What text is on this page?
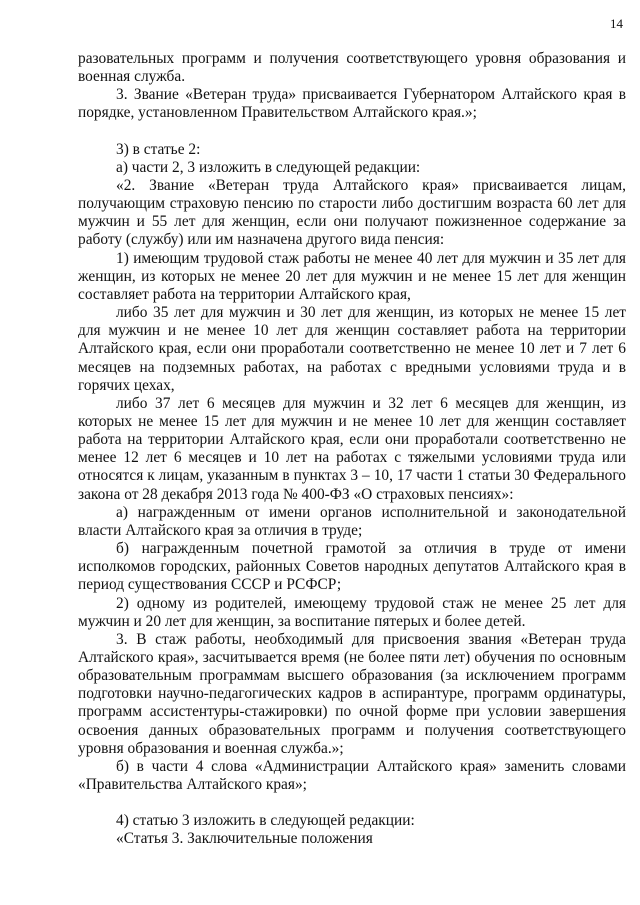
14

разовательных программ и получения соответствующего уровня образования и военная служба.

3. Звание «Ветеран труда» присваивается Губернатором Алтайского края в порядке, установленном Правительством Алтайского края.»;

3) в статье 2:

а) части 2, 3 изложить в следующей редакции:

«2. Звание «Ветеран труда Алтайского края» присваивается лицам, получающим страховую пенсию по старости либо достигшим возраста 60 лет для мужчин и 55 лет для женщин, если они получают пожизненное содержание за работу (службу) или им назначена другого вида пенсия:

1) имеющим трудовой стаж работы не менее 40 лет для мужчин и 35 лет для женщин, из которых не менее 20 лет для мужчин и не менее 15 лет для женщин составляет работа на территории Алтайского края,

либо 35 лет для мужчин и 30 лет для женщин, из которых не менее 15 лет для мужчин и не менее 10 лет для женщин составляет работа на территории Алтайского края, если они проработали соответственно не менее 10 лет и 7 лет 6 месяцев на подземных работах, на работах с вредными условиями труда и в горячих цехах,

либо 37 лет 6 месяцев для мужчин и 32 лет 6 месяцев для женщин, из которых не менее 15 лет для мужчин и не менее 10 лет для женщин составляет работа на территории Алтайского края, если они проработали соответственно не менее 12 лет 6 месяцев и 10 лет на работах с тяжелыми условиями труда или относятся к лицам, указанным в пунктах 3 – 10, 17 части 1 статьи 30 Федерального закона от 28 декабря 2013 года № 400-ФЗ «О страховых пенсиях»:

а) награжденным от имени органов исполнительной и законодательной власти Алтайского края за отличия в труде;

б) награжденным почетной грамотой за отличия в труде от имени исполкомов городских, районных Советов народных депутатов Алтайского края в период существования СССР и РСФСР;

2) одному из родителей, имеющему трудовой стаж не менее 25 лет для мужчин и 20 лет для женщин, за воспитание пятерых и более детей.

3. В стаж работы, необходимый для присвоения звания «Ветеран труда Алтайского края», засчитывается время (не более пяти лет) обучения по основным образовательным программам высшего образования (за исключением программ подготовки научно-педагогических кадров в аспирантуре, программ ординатуры, программ ассистентуры-стажировки) по очной форме при условии завершения освоения данных образовательных программ и получения соответствующего уровня образования и военная служба.»;

б) в части 4 слова «Администрации Алтайского края» заменить словами «Правительства Алтайского края»;

4) статью 3 изложить в следующей редакции:

«Статья 3. Заключительные положения
